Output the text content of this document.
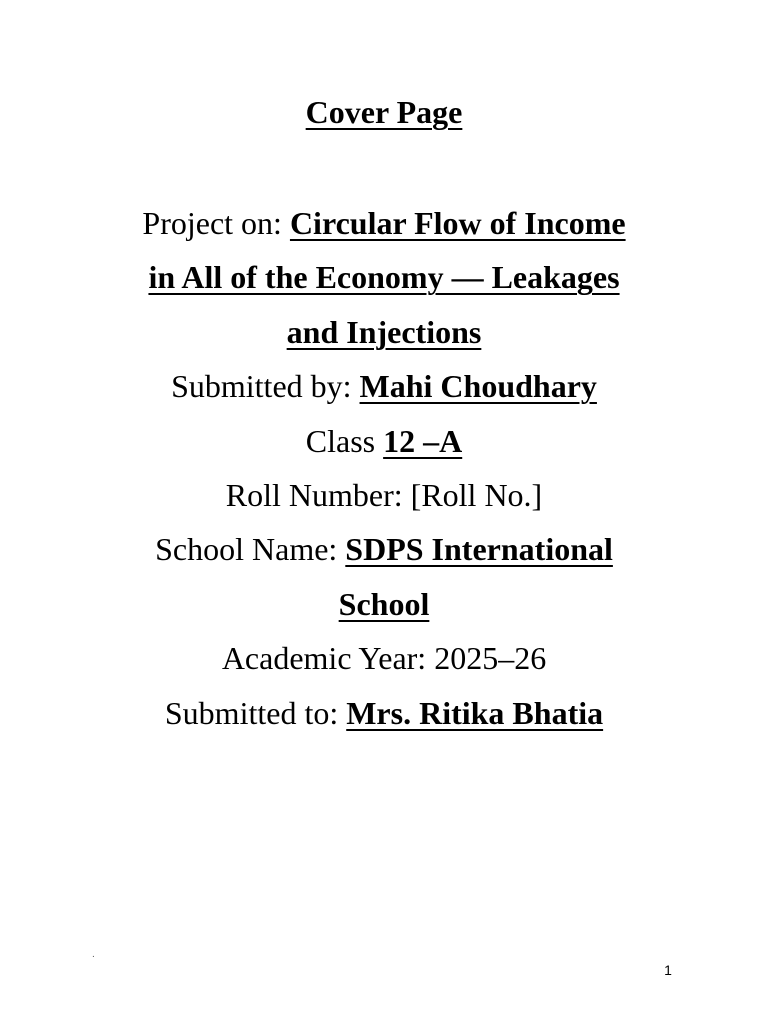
Cover Page
Project on: Circular Flow of Income
in All of the Economy — Leakages
and Injections
Submitted by: Mahi Choudhary
Class 12 –A
Roll Number: [Roll No.]
School Name: SDPS International
School
Academic Year: 2025–26
Submitted to: Mrs. Ritika Bhatia
.
1
